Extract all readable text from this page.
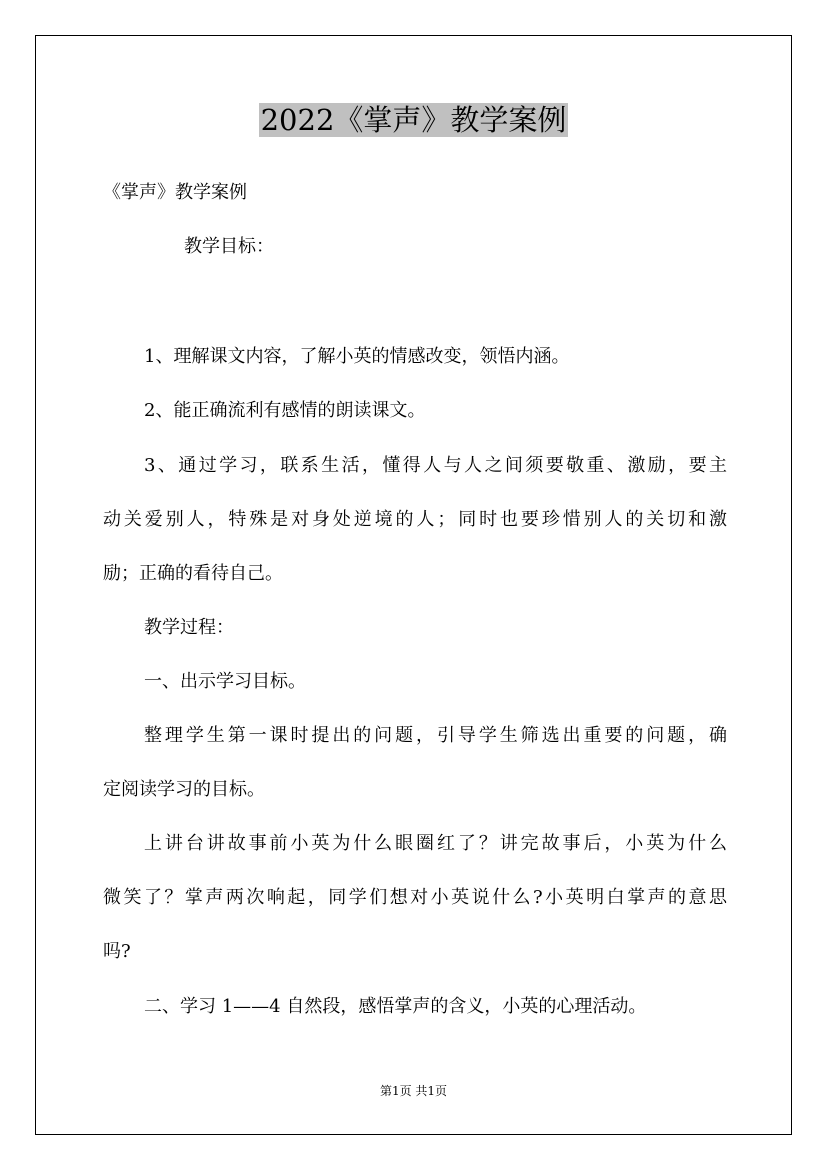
2022《掌声》教学案例
《掌声》教学案例
教学目标：
1、理解课文内容，了解小英的情感改变，领悟内涵。
2、能正确流利有感情的朗读课文。
3、通过学习，联系生活，懂得人与人之间须要敬重、激励，要主
动关爱别人，特殊是对身处逆境的人；同时也要珍惜别人的关切和激
励；正确的看待自己。
教学过程：
一、出示学习目标。
整理学生第一课时提出的问题，引导学生筛选出重要的问题，确
定阅读学习的目标。
上讲台讲故事前小英为什么眼圈红了？讲完故事后，小英为什么
微笑了？掌声两次响起，同学们想对小英说什么?小英明白掌声的意思
吗?
二、学习 1——4 自然段，感悟掌声的含义，小英的心理活动。
第1页 共1页
